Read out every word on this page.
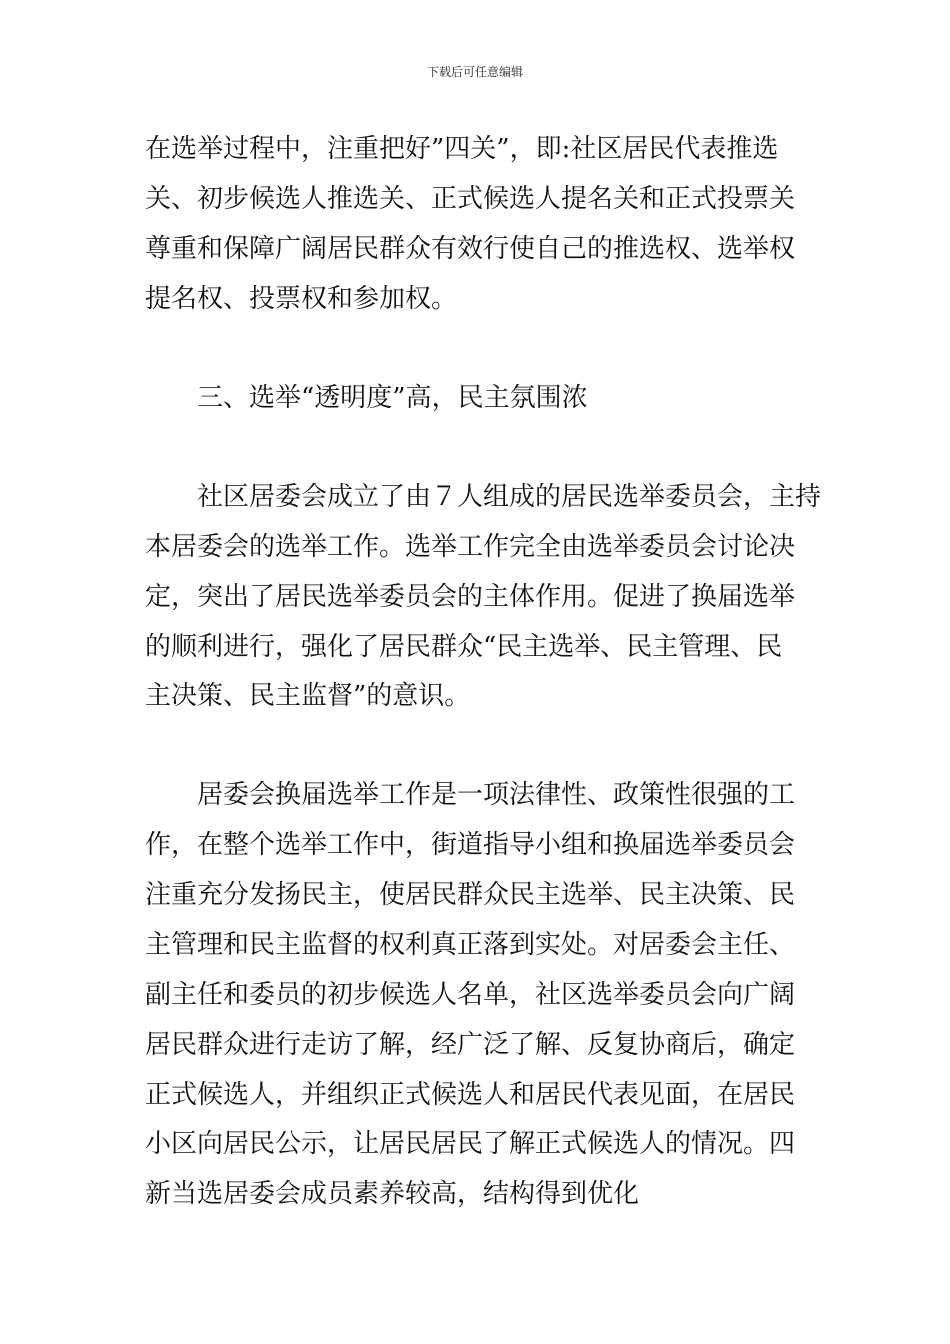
下载后可任意编辑
在选举过程中，注重把好”四关”，即:社区居民代表推选
关、初步候选人推选关、正式候选人提名关和正式投票关
尊重和保障广阔居民群众有效行使自己的推选权、选举权
提名权、投票权和参加权。
三、选举“透明度”高，民主氛围浓
社区居委会成立了由７人组成的居民选举委员会，主持
本居委会的选举工作。选举工作完全由选举委员会讨论决
定，突出了居民选举委员会的主体作用。促进了换届选举
的顺利进行，强化了居民群众“民主选举、民主管理、民
主决策、民主监督”的意识。
居委会换届选举工作是一项法律性、政策性很强的工
作，在整个选举工作中，街道指导小组和换届选举委员会
注重充分发扬民主，使居民群众民主选举、民主决策、民
主管理和民主监督的权利真正落到实处。对居委会主任、
副主任和委员的初步候选人名单，社区选举委员会向广阔
居民群众进行走访了解，经广泛了解、反复协商后，确定
正式候选人，并组织正式候选人和居民代表见面，在居民
小区向居民公示，让居民居民了解正式候选人的情况。四
新当选居委会成员素养较高，结构得到优化
